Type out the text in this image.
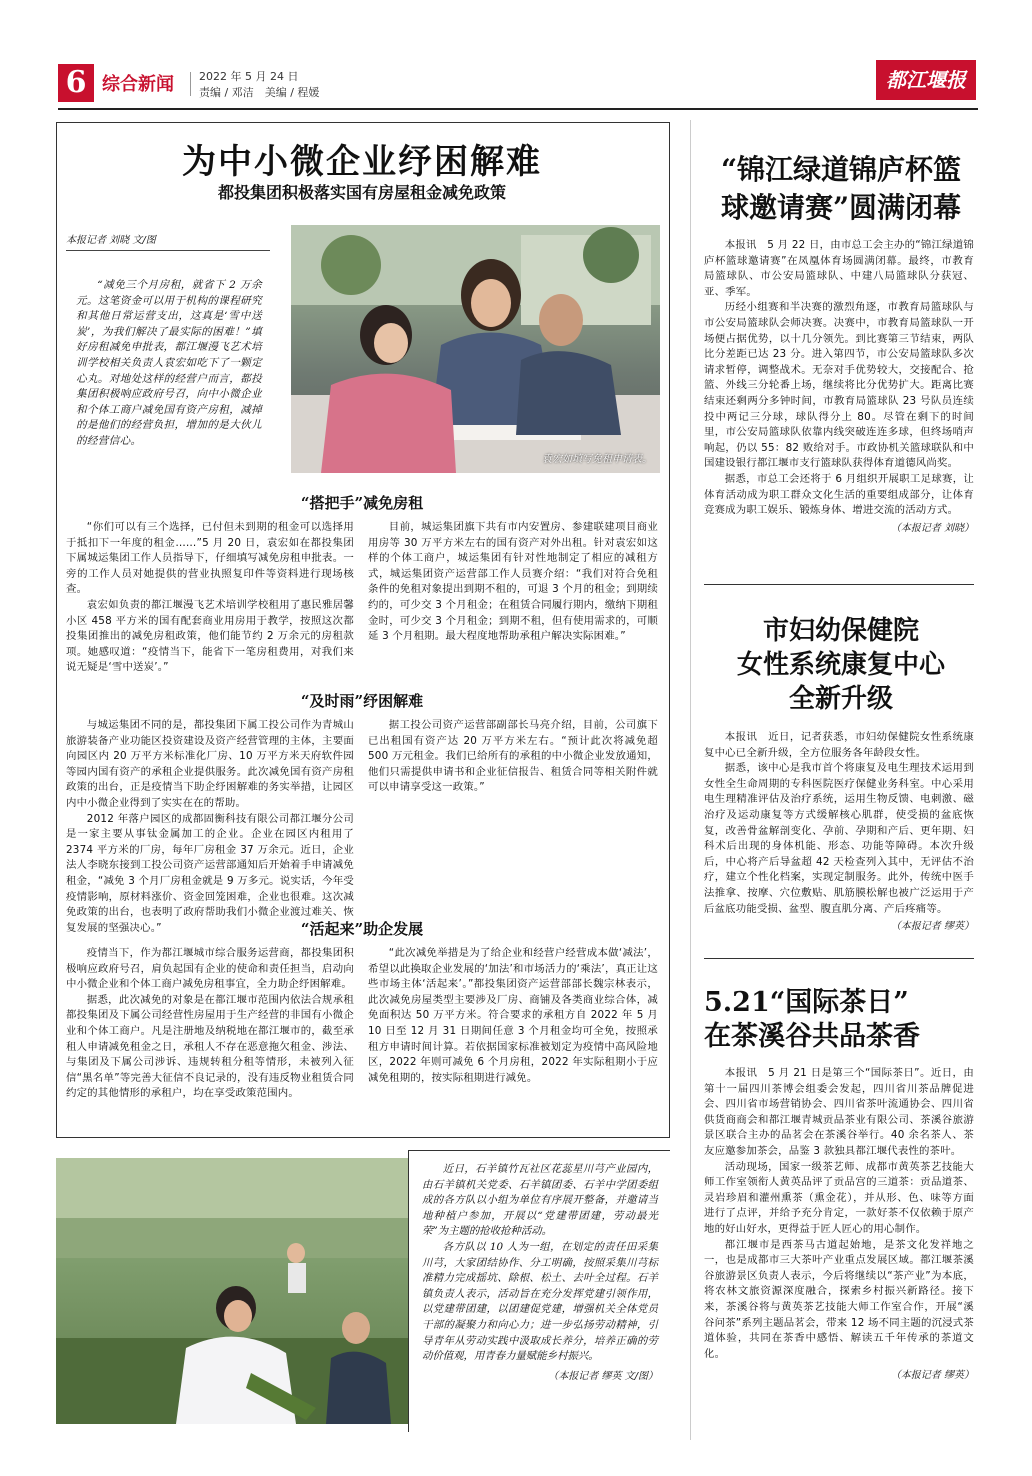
6 综合新闻 2022 年 5 月 24 日
责编 / 邓洁　美编 / 程媛
都江堰报
为中小微企业纾困解难
都投集团积极落实国有房屋租金减免政策
本报记者 刘晓 文/图

“减免三个月房租，就省下 2 万余元。这笔资金可以用于机构的课程研究和其他日常运营支出，这真是‘雪中送炭’，为我们解决了最实际的困难！”填好房租减免申批表，都江堰漫飞艺术培训学校相关负责人袁宏如吃下了一颗定心丸。对地处这样的经营户而言，都投集团积极响应政府号召，向中小微企业和个体工商户减免国有资产房租，减掉的是他们的经营负担，增加的是大伙儿的经营信心。

袁宏如填写免租申请表。
“搭把手”减免房租

“你们可以有三个选择，已付但未到期的租金可以选择用于抵扣下一年度的租金……”5 月 20 日，袁宏如在都投集团下属城运集团工作人员指导下，仔细填写减免房租申批表。一旁的工作人员对她提供的营业执照复印件等资料进行现场核查。

袁宏如负责的都江堰漫飞艺术培训学校租用了惠民雅居馨小区 458 平方米的国有配套商业用房用于教学，按照这次都投集团推出的减免房租政策，他们能节约 2 万余元的房租款项。她感叹道：“疫情当下，能省下一笔房租费用，对我们来说无疑是‘雪中送炭’。”

目前，城运集团旗下共有市内安置房、参建联建项目商业用房等 30 万平方米左右的国有资产对外出租。针对袁宏如这样的个体工商户，城运集团有针对性地制定了相应的减租方式，城运集团资产运营部工作人员赛介绍：“我们对符合免租条件的免租对象提出到期不租的，可退 3 个月的租金；到期续约的，可少交 3 个月租金；在租赁合同履行期内，缴纳下期租金时，可少交 3 个月租金；到期不租，但有使用需求的，可顺延 3 个月租期。最大程度地帮助承租户解决实际困难。”

“及时雨”纾困解难

与城运集团不同的是，都投集团下属工投公司作为青城山旅游装备产业功能区投资建设及资产经营管理的主体，主要面向园区内 20 万平方米标准化厂房、10 万平方米天府软件园等园内国有资产的承租企业提供服务。此次减免国有资产房租政策的出台，正是疫情当下助企纾困解难的务实举措，让园区内中小微企业得到了实实在在的帮助。

2012 年落户园区的成都固衡科技有限公司都江堰分公司是一家主要从事钛金属加工的企业。企业在园区内租用了 2374 平方米的厂房，每年厂房租金 37 万余元。近日，企业法人李晓东接到工投公司资产运营部通知后开始着手申请减免租金，“减免 3 个月厂房租金就是 9 万多元。说实话，今年受疫情影响，原材料涨价、资金回笼困难，企业也很难。这次减免政策的出台，也表明了政府帮助我们小微企业渡过难关、恢复发展的坚强决心。”

据工投公司资产运营部副部长马亮介绍，目前，公司旗下已出租国有资产达 20 万平方米左右。“预计此次将减免超 500 万元租金。我们已给所有的承租的中小微企业发放通知，他们只需提供申请书和企业征信报告、租赁合同等相关附件就可以申请享受这一政策。”

“活起来”助企发展

疫情当下，作为都江堰城市综合服务运营商，都投集团积极响应政府号召，肩负起国有企业的使命和责任担当，启动向中小微企业和个体工商户减免房租事宜，全力助企纾困解难。

据悉，此次减免的对象是在都江堰市范围内依法合规承租都投集团及下属公司经营性房屋用于生产经营的非国有小微企业和个体工商户。凡是注册地及纳税地在都江堰市的，截至承租人申请减免租金之日，承租人不存在恶意拖欠租金、涉法、与集团及下属公司涉诉、违规转租分租等情形，未被列入征信“黑名单”等完善大征信不良记录的，没有违反物业租赁合同约定的其他情形的承租户，均在享受政策范围内。

“此次减免举措是为了给企业和经营户经营成本做‘减法’，希望以此换取企业发展的‘加法’和市场活力的‘乘法’，真正让这些市场主体‘活起来’。”都投集团资产运营部部长魏宗林表示，此次减免房屋类型主要涉及厂房、商铺及各类商业综合体，减免面积达 50 万平方米。符合要求的承租方自 2022 年 5 月 10 日至 12 月 31 日期间任意 3 个月租金均可全免，按照承租方申请时间计算。若依据国家标准被划定为疫情中高风险地区，2022 年则可减免 6 个月房租，2022 年实际租期小于应减免租期的，按实际租期进行减免。

近日，石羊镇竹瓦社区花蕊星川芎产业园内，由石羊镇机关党委、石羊镇团委、石羊中学团委组成的各方队以小组为单位有序展开整备，并邀请当地种植户参加，开展以“党建带团建，劳动最光荣”为主题的抢收抢种活动。

各方队以 10 人为一组，在划定的责任田采集川芎，大家团结协作、分工明确，按照采集川芎标准精力完成摇坑、除根、松土、去叶全过程。石羊镇负责人表示，活动旨在充分发挥党建引领作用，以党建带团建，以团建促党建，增强机关全体党员干部的凝聚力和向心力；进一步弘扬劳动精神，引导青年从劳动实践中汲取成长养分，培养正确的劳动价值观，用青春力量赋能乡村振兴。

（本报记者 缪英 文/图）
“锦江绿道锦庐杯篮
球邀请赛”圆满闭幕

本报讯　5 月 22 日，由市总工会主办的“锦江绿道锦庐杯篮球邀请赛”在凤凰体育场圆满闭幕。最终，市教育局篮球队、市公安局篮球队、中建八局篮球队分获冠、亚、季军。

历经小组赛和半决赛的激烈角逐，市教育局篮球队与市公安局篮球队会师决赛。决赛中，市教育局篮球队一开场便占据优势，以十几分领先。到比赛第三节结束，两队比分差距已达 23 分。进入第四节，市公安局篮球队多次请求暂停，调整战术。无奈对手优势较大，交接配合、抢篮、外线三分轮番上场，继续将比分优势扩大。距离比赛结束还剩两分多钟时间，市教育局篮球队 23 号队员连续投中两记三分球，球队得分上 80。尽管在剩下的时间里，市公安局篮球队依靠内线突破连连多球，但终场哨声响起，仍以 55：82 败给对手。市政协机关篮球联队和中国建设银行都江堰市支行篮球队获得体育道德风尚奖。

据悉，市总工会还将于 6 月组织开展职工足球赛，让体育活动成为职工群众文化生活的重要组成部分，让体育竞赛成为职工娱乐、锻炼身体、增进交流的活动方式。

（本报记者 刘晓）
市妇幼保健院
女性系统康复中心
全新升级

本报讯　近日，记者获悉，市妇幼保健院女性系统康复中心已全新升级，全方位服务各年龄段女性。

据悉，该中心是我市首个将康复及电生理技术运用到女性全生命周期的专科医院医疗保健业务科室。中心采用电生理精准评估及治疗系统，运用生物反馈、电刺激、磁治疗及运动康复等方式缓解核心肌群，使受损的盆底恢复，改善骨盆解剖变化、孕前、孕期和产后、更年期、妇科术后出现的身体机能、形态、功能等障碍。本次升级后，中心将产后导盆超 42 天检查列入其中，无评估不治疗，建立个性化档案，实现定制服务。此外，传统中医手法推拿、按摩、穴位敷贴、肌筋膜松解也被广泛运用于产后盆底功能受损、盆型、腹直肌分离、产后疼痛等。

（本报记者 缪英）
5.21“国际茶日”
在茶溪谷共品茶香

本报讯　5 月 21 日是第三个“国际茶日”。近日，由第十一届四川茶博会组委会发起，四川省川茶品牌促进会、四川省市场营销协会、四川省茶叶流通协会、四川省供货商商会和都江堰青城贡品茶业有限公司、茶溪谷旅游景区联合主办的品茗会在茶溪谷举行。40 余名茶人、茶友应邀参加茶会，品鉴 3 款独具都江堰代表性的茶叶。

活动现场，国家一级茶艺师、成都市黄英茶艺技能大师工作室领衔人黄英品评了贡品宫的三道茶：贡品道茶、灵岩珍眉和灌州熏茶（熏金花），并从形、色、味等方面进行了点评，并给予充分肯定，一款好茶不仅依赖于原产地的好山好水，更得益于匠人匠心的用心制作。

都江堰市是西茶马古道起始地，是茶文化发祥地之一，也是成都市三大茶叶产业重点发展区域。都江堰茶溪谷旅游景区负责人表示，今后将继续以“茶产业”为本底，将农林文旅资源深度融合，探索乡村振兴新路径。接下来，茶溪谷将与黄英茶艺技能大师工作室合作，开展“溪谷问茶”系列主题品茗会，带来 12 场不同主题的沉浸式茶道体验，共同在茶香中感悟、解读五千年传承的茶道文化。

（本报记者 缪英）
